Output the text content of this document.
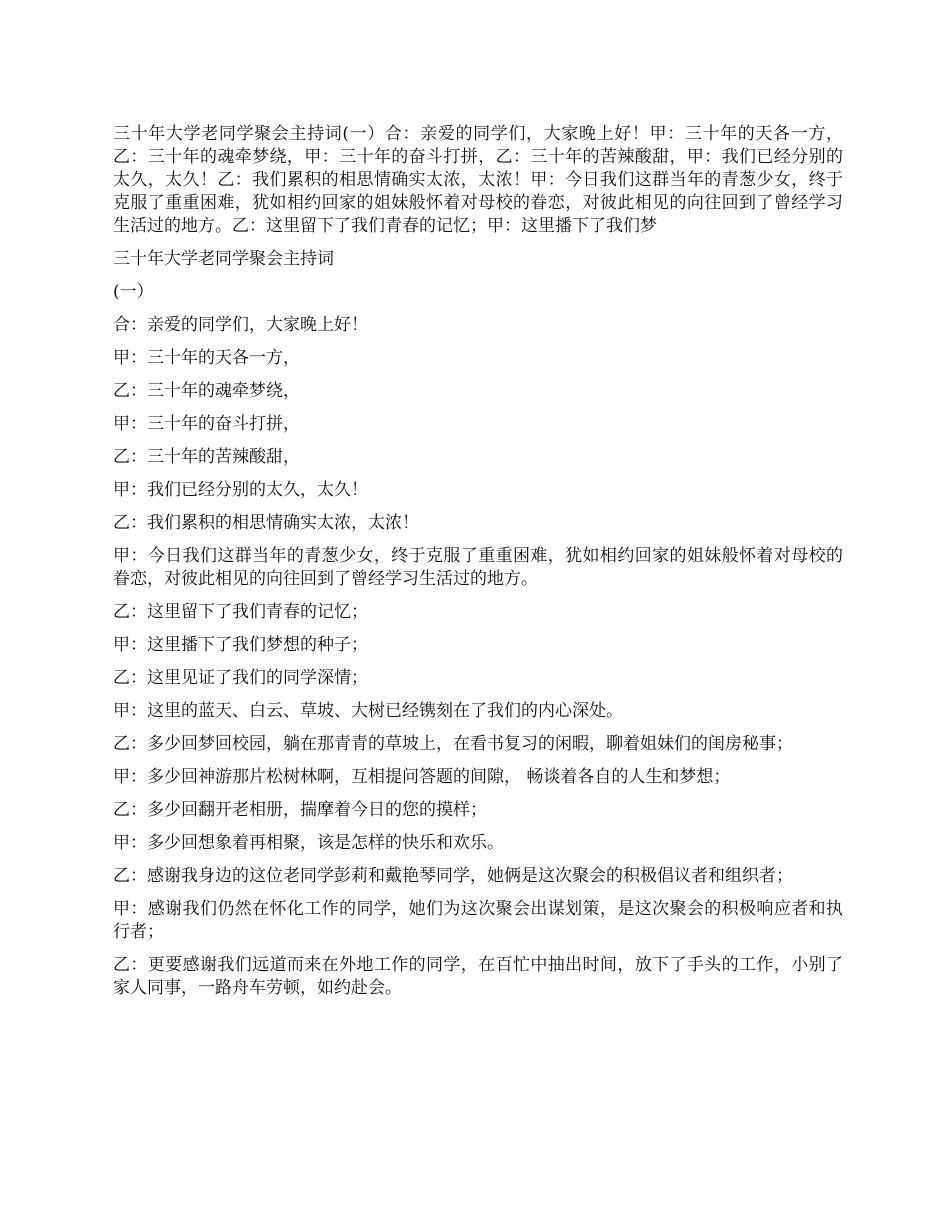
三十年大学老同学聚会主持词(一）合：亲爱的同学们，大家晚上好！甲：三十年的天各一方，乙：三十年的魂牵梦绕，甲：三十年的奋斗打拼，乙：三十年的苦辣酸甜，甲：我们已经分别的太久，太久！乙：我们累积的相思情确实太浓，太浓！甲：今日我们这群当年的青葱少女，终于克服了重重困难，犹如相约回家的姐妹般怀着对母校的眷恋，对彼此相见的向往回到了曾经学习生活过的地方。乙：这里留下了我们青春的记忆；甲：这里播下了我们梦

三十年大学老同学聚会主持词

(一）

合：亲爱的同学们，大家晚上好！

甲：三十年的天各一方，

乙：三十年的魂牵梦绕，

甲：三十年的奋斗打拼，

乙：三十年的苦辣酸甜，

甲：我们已经分别的太久，太久！

乙：我们累积的相思情确实太浓，太浓！

甲：今日我们这群当年的青葱少女，终于克服了重重困难，犹如相约回家的姐妹般怀着对母校的眷恋，对彼此相见的向往回到了曾经学习生活过的地方。

乙：这里留下了我们青春的记忆；

甲：这里播下了我们梦想的种子；

乙：这里见证了我们的同学深情；

甲：这里的蓝天、白云、草坡、大树已经镌刻在了我们的内心深处。

乙：多少回梦回校园，躺在那青青的草坡上，在看书复习的闲暇，聊着姐妹们的闺房秘事；

甲：多少回神游那片松树林啊，互相提问答题的间隙， 畅谈着各自的人生和梦想；

乙：多少回翻开老相册，揣摩着今日的您的摸样；

甲：多少回想象着再相聚，该是怎样的快乐和欢乐。

乙：感谢我身边的这位老同学彭莉和戴艳琴同学，她俩是这次聚会的积极倡议者和组织者；

甲：感谢我们仍然在怀化工作的同学，她们为这次聚会出谋划策，是这次聚会的积极响应者和执行者；

乙：更要感谢我们远道而来在外地工作的同学，在百忙中抽出时间，放下了手头的工作，小别了家人同事，一路舟车劳顿，如约赴会。
